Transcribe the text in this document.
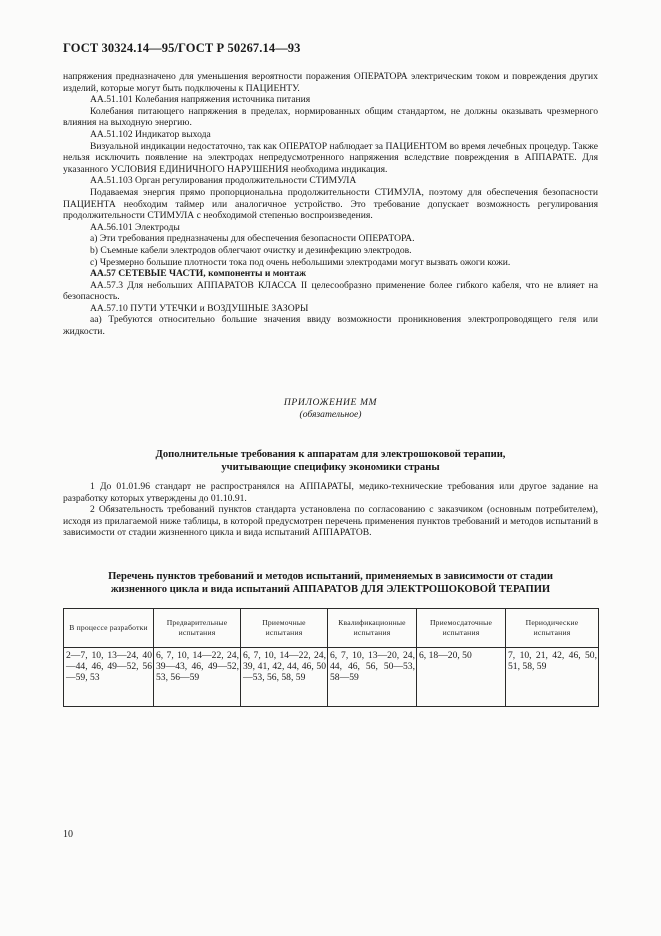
ГОСТ 30324.14—95/ГОСТ Р 50267.14—93

напряжения предназначено для уменьшения вероятности поражения ОПЕРАТОРА электрическим током и повреждения других изделий, которые могут быть подключены к ПАЦИЕНТУ.

AA.51.101 Колебания напряжения источника питания

Колебания питающего напряжения в пределах, нормированных общим стандартом, не должны оказывать чрезмерного влияния на выходную энергию.

AA.51.102 Индикатор выхода

Визуальной индикации недостаточно, так как ОПЕРАТОР наблюдает за ПАЦИЕНТОМ во время лечебных процедур. Также нельзя исключить появление на электродах непредусмотренного напряжения вследствие повреждения в АППАРАТЕ. Для указанного УСЛОВИЯ ЕДИНИЧНОГО НАРУШЕНИЯ необходима индикация.

AA.51.103 Орган регулирования продолжительности СТИМУЛА

Подаваемая энергия прямо пропорциональна продолжительности СТИМУЛА, поэтому для обеспечения безопасности ПАЦИЕНТА необходим таймер или аналогичное устройство. Это требование допускает возможность регулирования продолжительности СТИМУЛА с необходимой степенью воспроизведения.

AA.56.101 Электроды

a) Эти требования предназначены для обеспечения безопасности ОПЕРАТОРА.

b) Съемные кабели электродов облегчают очистку и дезинфекцию электродов.

c) Чрезмерно большие плотности тока под очень небольшими электродами могут вызвать ожоги кожи.

AA.57 СЕТЕВЫЕ ЧАСТИ, компоненты и монтаж

AA.57.3 Для небольших АППАРАТОВ КЛАССА II целесообразно применение более гибкого кабеля, что не влияет на безопасность.

AA.57.10 ПУТИ УТЕЧКИ и ВОЗДУШНЫЕ ЗАЗОРЫ

aa) Требуются относительно большие значения ввиду возможности проникновения электропроводящего геля или жидкости.

ПРИЛОЖЕНИЕ ММ
(обязательное)
Дополнительные требования к аппаратам для электрошоковой терапии,
учитывающие специфику экономики страны

1 До 01.01.96 стандарт не распространялся на АППАРАТЫ, медико-технические требования или другое задание на разработку которых утверждены до 01.10.91.

2 Обязательность требований пунктов стандарта установлена по согласованию с заказчиком (основным потребителем), исходя из прилагаемой ниже таблицы, в которой предусмотрен перечень применения пунктов требований и методов испытаний в зависимости от стадии жизненного цикла и вида испытаний АППАРАТОВ.

Перечень пунктов требований и методов испытаний, применяемых в зависимости от стадии
жизненного цикла и вида испытаний АППАРАТОВ ДЛЯ ЭЛЕКТРОШОКОВОЙ ТЕРАПИИ
В процессе разработки	Предварительные испытания	Приемочные испытания	Квалификационные испытания	Приемосдаточные испытания	Периодические испытания
2—7, 10, 13—24, 40—44, 46, 49—52, 56—59, 53	6, 7, 10, 14—22, 24, 39—43, 46, 49—52, 53, 56—59	6, 7, 10, 14—22, 24, 39, 41, 42, 44, 46, 50—53, 56, 58, 59	6, 7, 10, 13—20, 24, 44, 46, 56, 50—53, 58—59	6, 18—20, 50	7, 10, 21, 42, 46, 50, 51, 58, 59
10
